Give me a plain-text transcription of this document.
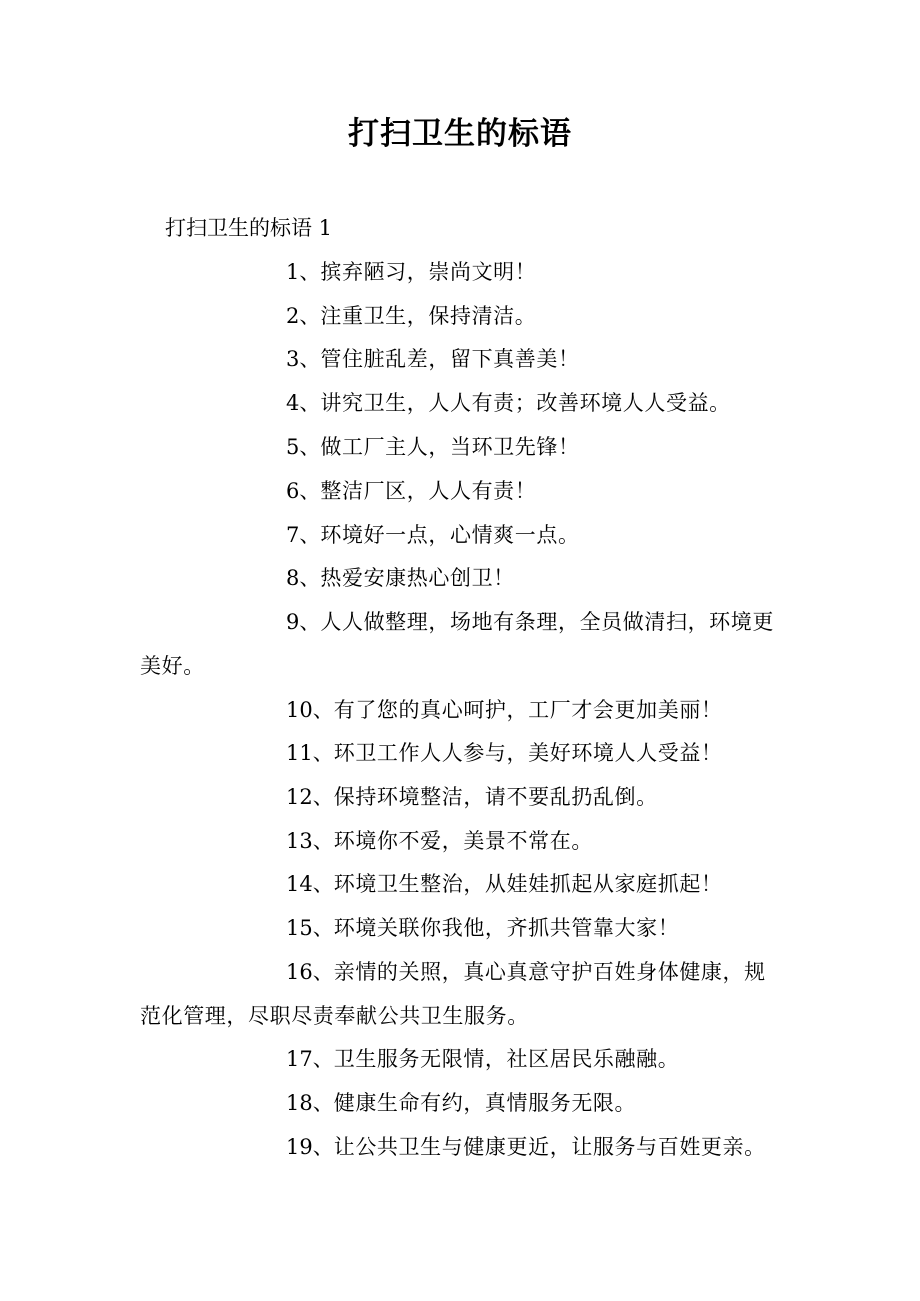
打扫卫生的标语
打扫卫生的标语 1
1、摈弃陋习，崇尚文明！
2、注重卫生，保持清洁。
3、管住脏乱差，留下真善美！
4、讲究卫生，人人有责；改善环境人人受益。
5、做工厂主人，当环卫先锋！
6、整洁厂区，人人有责！
7、环境好一点，心情爽一点。
8、热爱安康热心创卫！
9、人人做整理，场地有条理，全员做清扫，环境更美好。
10、有了您的真心呵护，工厂才会更加美丽！
11、环卫工作人人参与，美好环境人人受益！
12、保持环境整洁，请不要乱扔乱倒。
13、环境你不爱，美景不常在。
14、环境卫生整治，从娃娃抓起从家庭抓起！
15、环境关联你我他，齐抓共管靠大家！
16、亲情的关照，真心真意守护百姓身体健康，规范化管理，尽职尽责奉献公共卫生服务。
17、卫生服务无限情，社区居民乐融融。
18、健康生命有约，真情服务无限。
19、让公共卫生与健康更近，让服务与百姓更亲。
